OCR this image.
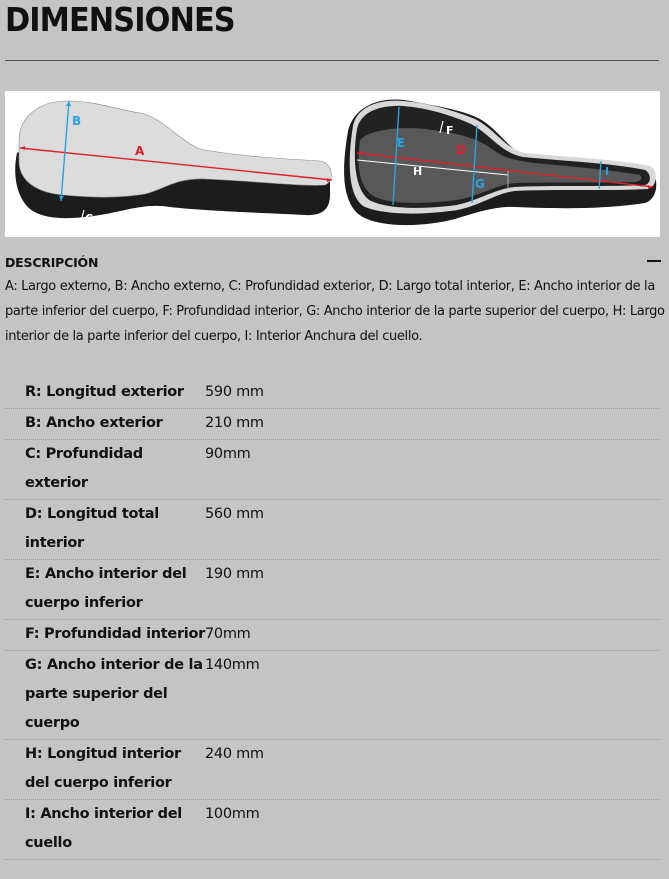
DIMENSIONES
A
B
C
D
H
E
F
G
I
DESCRIPCIÓN
A: Largo externo, B: Ancho externo, C: Profundidad exterior, D: Largo total interior, E: Ancho interior de la parte inferior del cuerpo, F: Profundidad interior, G: Ancho interior de la parte superior del cuerpo, H: Largo interior de la parte inferior del cuerpo, I: Interior Anchura del cuello.
R: Longitud exterior	590 mm
B: Ancho exterior	210 mm
C: Profundidad exterior
90mm
D: Longitud total interior
560 mm
E: Ancho interior del cuerpo inferior
190 mm
F: Profundidad interior 70mm
G: Ancho interior de la parte superior del cuerpo
140mm
H: Longitud interior del cuerpo inferior
240 mm
I: Ancho interior del cuello
100mm
